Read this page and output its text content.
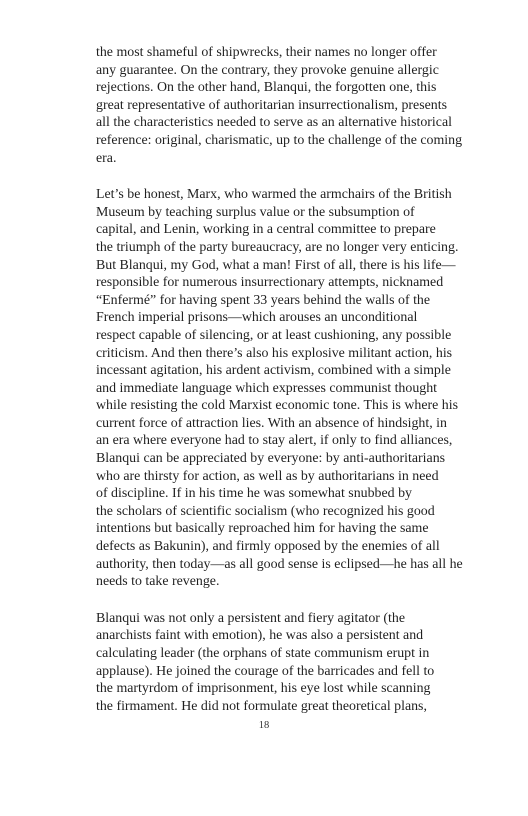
the most shameful of shipwrecks, their names no longer offer
any guarantee. On the contrary, they provoke genuine allergic
rejections. On the other hand, Blanqui, the forgotten one, this
great representative of authoritarian insurrectionalism, presents
all the characteristics needed to serve as an alternative historical
reference: original, charismatic, up to the challenge of the coming
era.

Let’s be honest, Marx, who warmed the armchairs of the British
Museum by teaching surplus value or the subsumption of
capital, and Lenin, working in a central committee to prepare
the triumph of the party bureaucracy, are no longer very enticing.
But Blanqui, my God, what a man! First of all, there is his life—
responsible for numerous insurrectionary attempts, nicknamed
“Enfermé” for having spent 33 years behind the walls of the
French imperial prisons—which arouses an unconditional
respect capable of silencing, or at least cushioning, any possible
criticism. And then there’s also his explosive militant action, his
incessant agitation, his ardent activism, combined with a simple
and immediate language which expresses communist thought
while resisting the cold Marxist economic tone. This is where his
current force of attraction lies. With an absence of hindsight, in
an era where everyone had to stay alert, if only to find alliances,
Blanqui can be appreciated by everyone: by anti-authoritarians
who are thirsty for action, as well as by authoritarians in need
of discipline. If in his time he was somewhat snubbed by
the scholars of scientific socialism (who recognized his good
intentions but basically reproached him for having the same
defects as Bakunin), and firmly opposed by the enemies of all
authority, then today—as all good sense is eclipsed—he has all he
needs to take revenge.

Blanqui was not only a persistent and fiery agitator (the
anarchists faint with emotion), he was also a persistent and
calculating leader (the orphans of state communism erupt in
applause). He joined the courage of the barricades and fell to
the martyrdom of imprisonment, his eye lost while scanning
the firmament. He did not formulate great theoretical plans,

18
